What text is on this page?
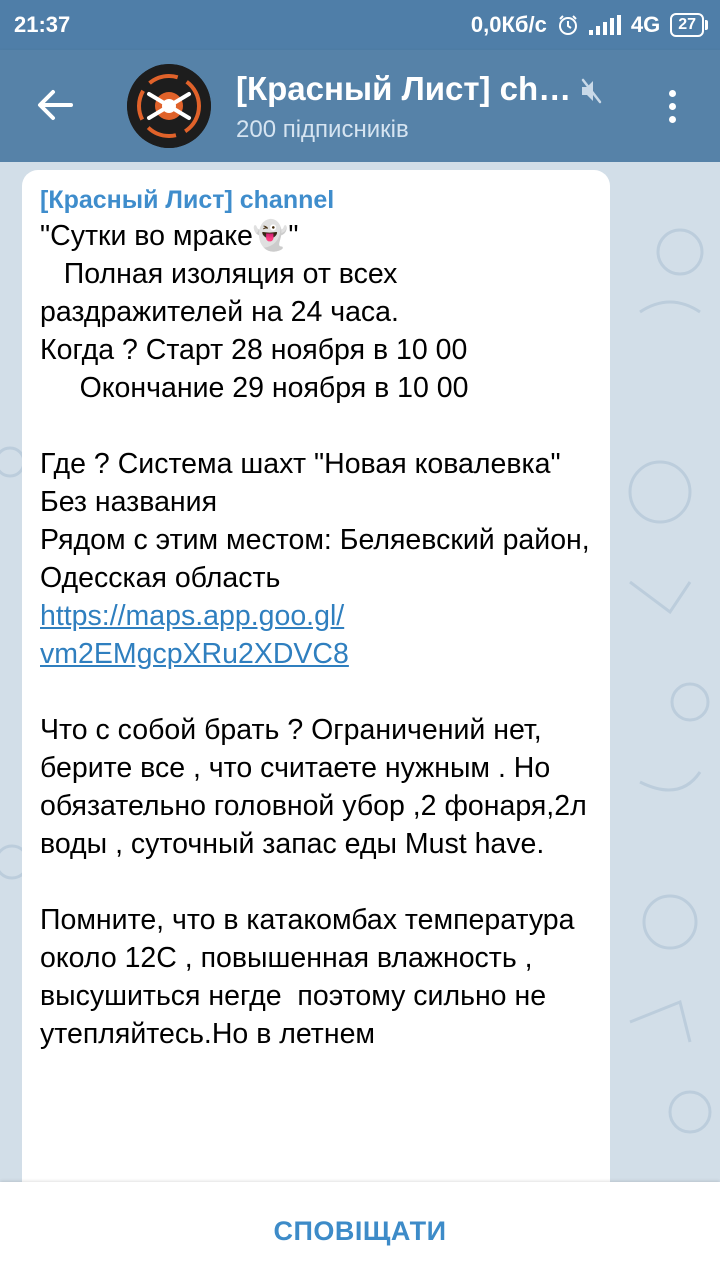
21:37	0,0Кб/с	4G	27
[Красный Лист] ch…
200 підписників
[Красный Лист] channel

"Сутки во мраке👻"
Полная изоляция от всех раздражителей на 24 часа.
Когда ? Старт 28 ноября в 10 00
Окончание 29 ноября в 10 00

Где ? Система шахт "Новая ковалевка"
Без названия
Рядом с этим местом: Беляевский район, Одесская область
https://maps.app.goo.gl/
vm2EMgcpXRu2XDVC8

Что с собой брать ? Ограничений нет, берите все , что считаете нужным . Но обязательно головной убор ,2 фонаря,2л воды , суточный запас еды Must have.

Помните, что в катакомбах температура около 12С , повышенная влажность , высушиться негде  поэтому сильно не утепляйтесь.Но в летнем

СПОВІЩАТИ
